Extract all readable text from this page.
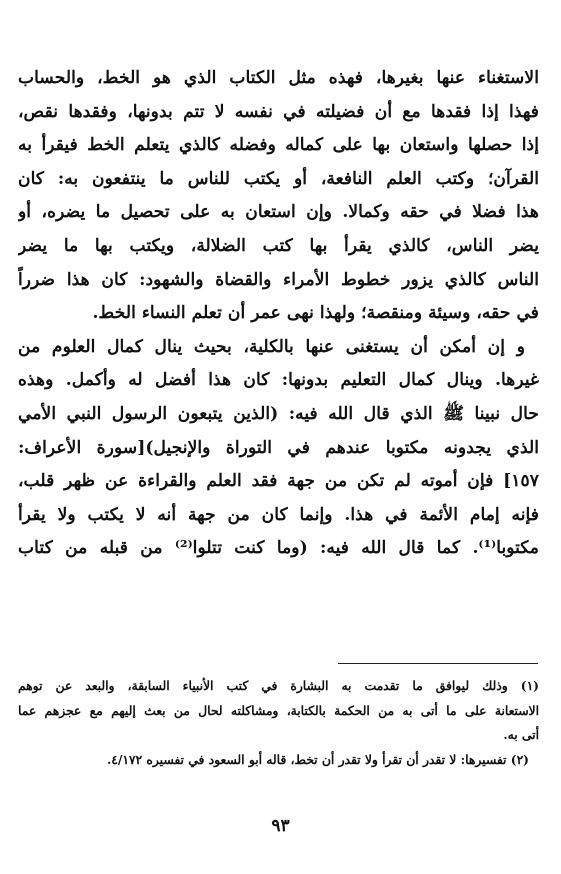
الاستغناء عنها بغيرها، فهذه مثل الكتاب الذي هو الخط، والحساب
فهذا إذا فقدها مع أن فضيلته في نفسه لا تتم بدونها، وفقدها نقص،
إذا حصلها واستعان بها على كماله وفضله كالذي يتعلم الخط فيقرأ به
القرآن؛ وكتب العلم النافعة، أو يكتب للناس ما ينتفعون به: كان
هذا فضلا في حقه وكمالا. وإن استعان به على تحصيل ما يضره، أو
يضر الناس، كالذي يقرأ بها كتب الضلالة، ويكتب بها ما يضر
الناس كالذي يزور خطوط الأمراء والقضاة والشهود: كان هذا ضرراً
في حقه، وسيئة ومنقصة؛ ولهذا نهى عمر أن تعلم النساء الخط.
و إن أمكن أن يستغنى عنها بالكلية، بحيث ينال كمال العلوم من
غيرها. وينال كمال التعليم بدونها: كان هذا أفضل له وأكمل. وهذه
حال نبينا ﷺ الذي قال الله فيه: (الذين يتبعون الرسول النبي الأمي
الذي يجدونه مكتوبا عندهم في التوراة والإنجيل)[سورة الأعراف:
١٥٧] فإن أموته لم تكن من جهة فقد العلم والقراءة عن ظهر قلب،
فإنه إمام الأئمة في هذا. وإنما كان من جهة أنه لا يكتب ولا يقرأ
مكتوبا⁽¹⁾. كما قال الله فيه: (وما كنت تتلوا⁽²⁾ من قبله من كتاب
(١) وذلك ليوافق ما تقدمت به البشارة في كتب الأنبياء السابقة، والبعد عن توهم
الاستعانة على ما أتى به من الحكمة بالكتابة، ومشاكلته لحال من بعث إليهم مع عجزهم عما
أتى به.
(٢) تفسيرها: لا تقدر أن تقرأ ولا تقدر أن تخط، قاله أبو السعود في تفسيره ٤/١٧٢.
٩٣
